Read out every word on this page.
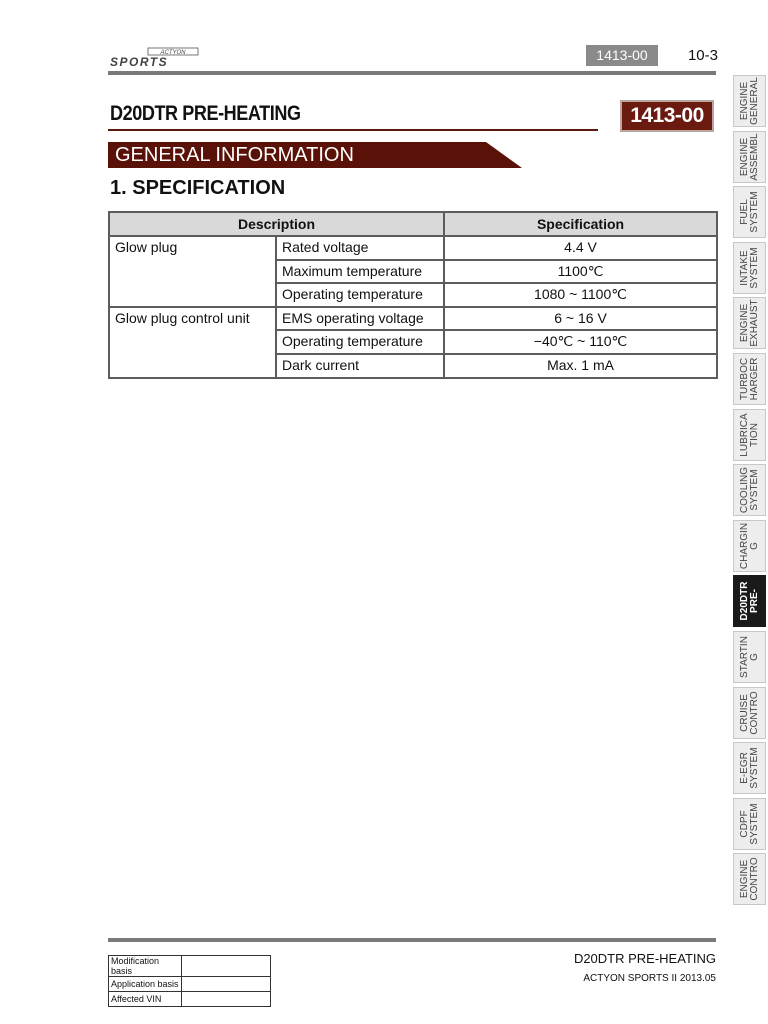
ACTYON
SPORTS	1413-00	10-3
D20DTR PRE-HEATING	1413-00
GENERAL INFORMATION
1. SPECIFICATION
Description		Specification
Glow plug	Rated voltage	4.4 V
	Maximum temperature	1100℃
	Operating temperature	1080 ~ 1100℃
Glow plug control unit	EMS operating voltage	6 ~ 16 V
	Operating temperature	−40℃ ~ 110℃
	Dark current	Max. 1 mA
ENGINE
GENERAL
ENGINE
ASSEMBL
FUEL
SYSTEM
INTAKE
SYSTEM
ENGINE
EXHAUST
TURBOC
HARGER
LUBRICA
TION
COOLING
SYSTEM
CHARGIN
G
D20DTR
PRE-
STARTIN
G
CRUISE
CONTRO
E-EGR
SYSTEM
CDPF
SYSTEM
ENGINE
CONTRO
Modification basis	
Application basis	
Affected VIN	
D20DTR PRE-HEATING
ACTYON SPORTS II 2013.05
